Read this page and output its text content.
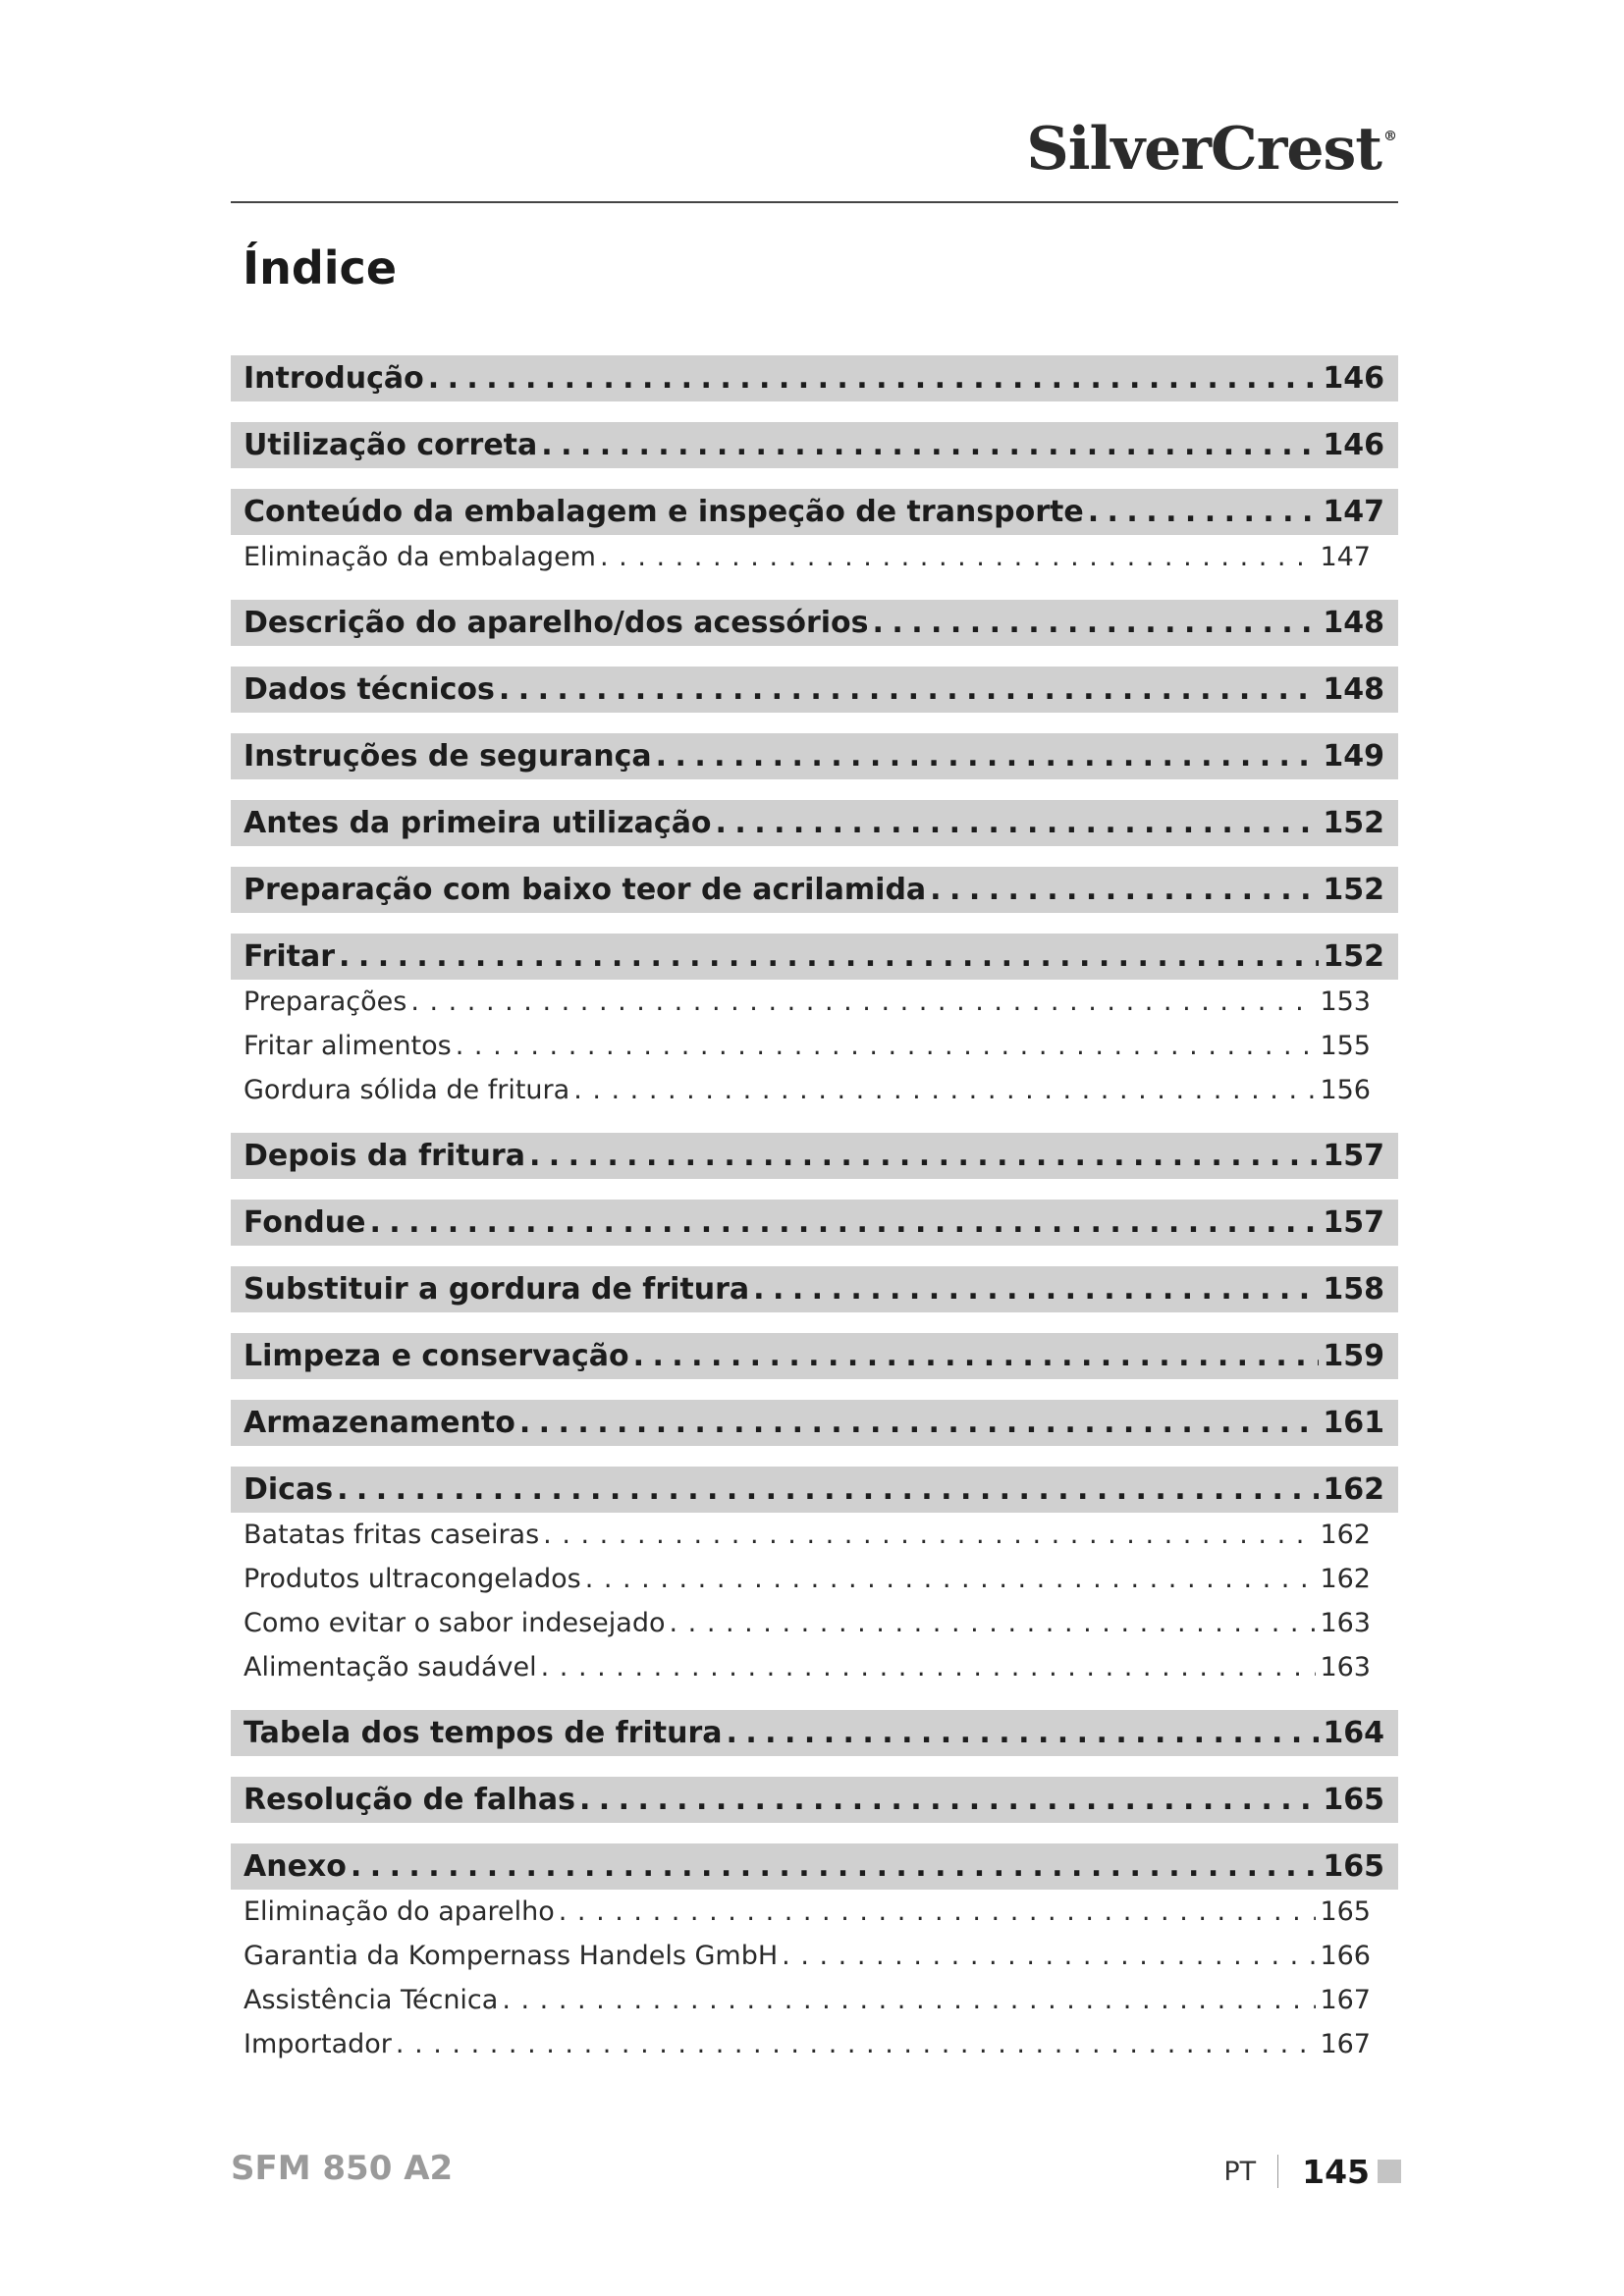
SilverCrest ®
Índice
Introdução . . .	146
Utilização correta . . .	146
Conteúdo da embalagem e inspeção de transporte . . .	147
Eliminação da embalagem . . .	147
Descrição do aparelho/dos acessórios . . .	148
Dados técnicos . . .	148
Instruções de segurança . . .	149
Antes da primeira utilização . . .	152
Preparação com baixo teor de acrilamida . . .	152
Fritar . . .	152
Preparações . . .	153
Fritar alimentos . . .	155
Gordura sólida de fritura . . .	156
Depois da fritura . . .	157
Fondue . . .	157
Substituir a gordura de fritura . . .	158
Limpeza e conservação . . .	159
Armazenamento . . .	161
Dicas . . .	162
Batatas fritas caseiras . . .	162
Produtos ultracongelados . . .	162
Como evitar o sabor indesejado . . .	163
Alimentação saudável . . .	163
Tabela dos tempos de fritura . . .	164
Resolução de falhas . . .	165
Anexo . . .	165
Eliminação do aparelho . . .	165
Garantia da Kompernass Handels GmbH . . .	166
Assistência Técnica . . .	167
Importador . . .	167
SFM 850 A2	PT 145
